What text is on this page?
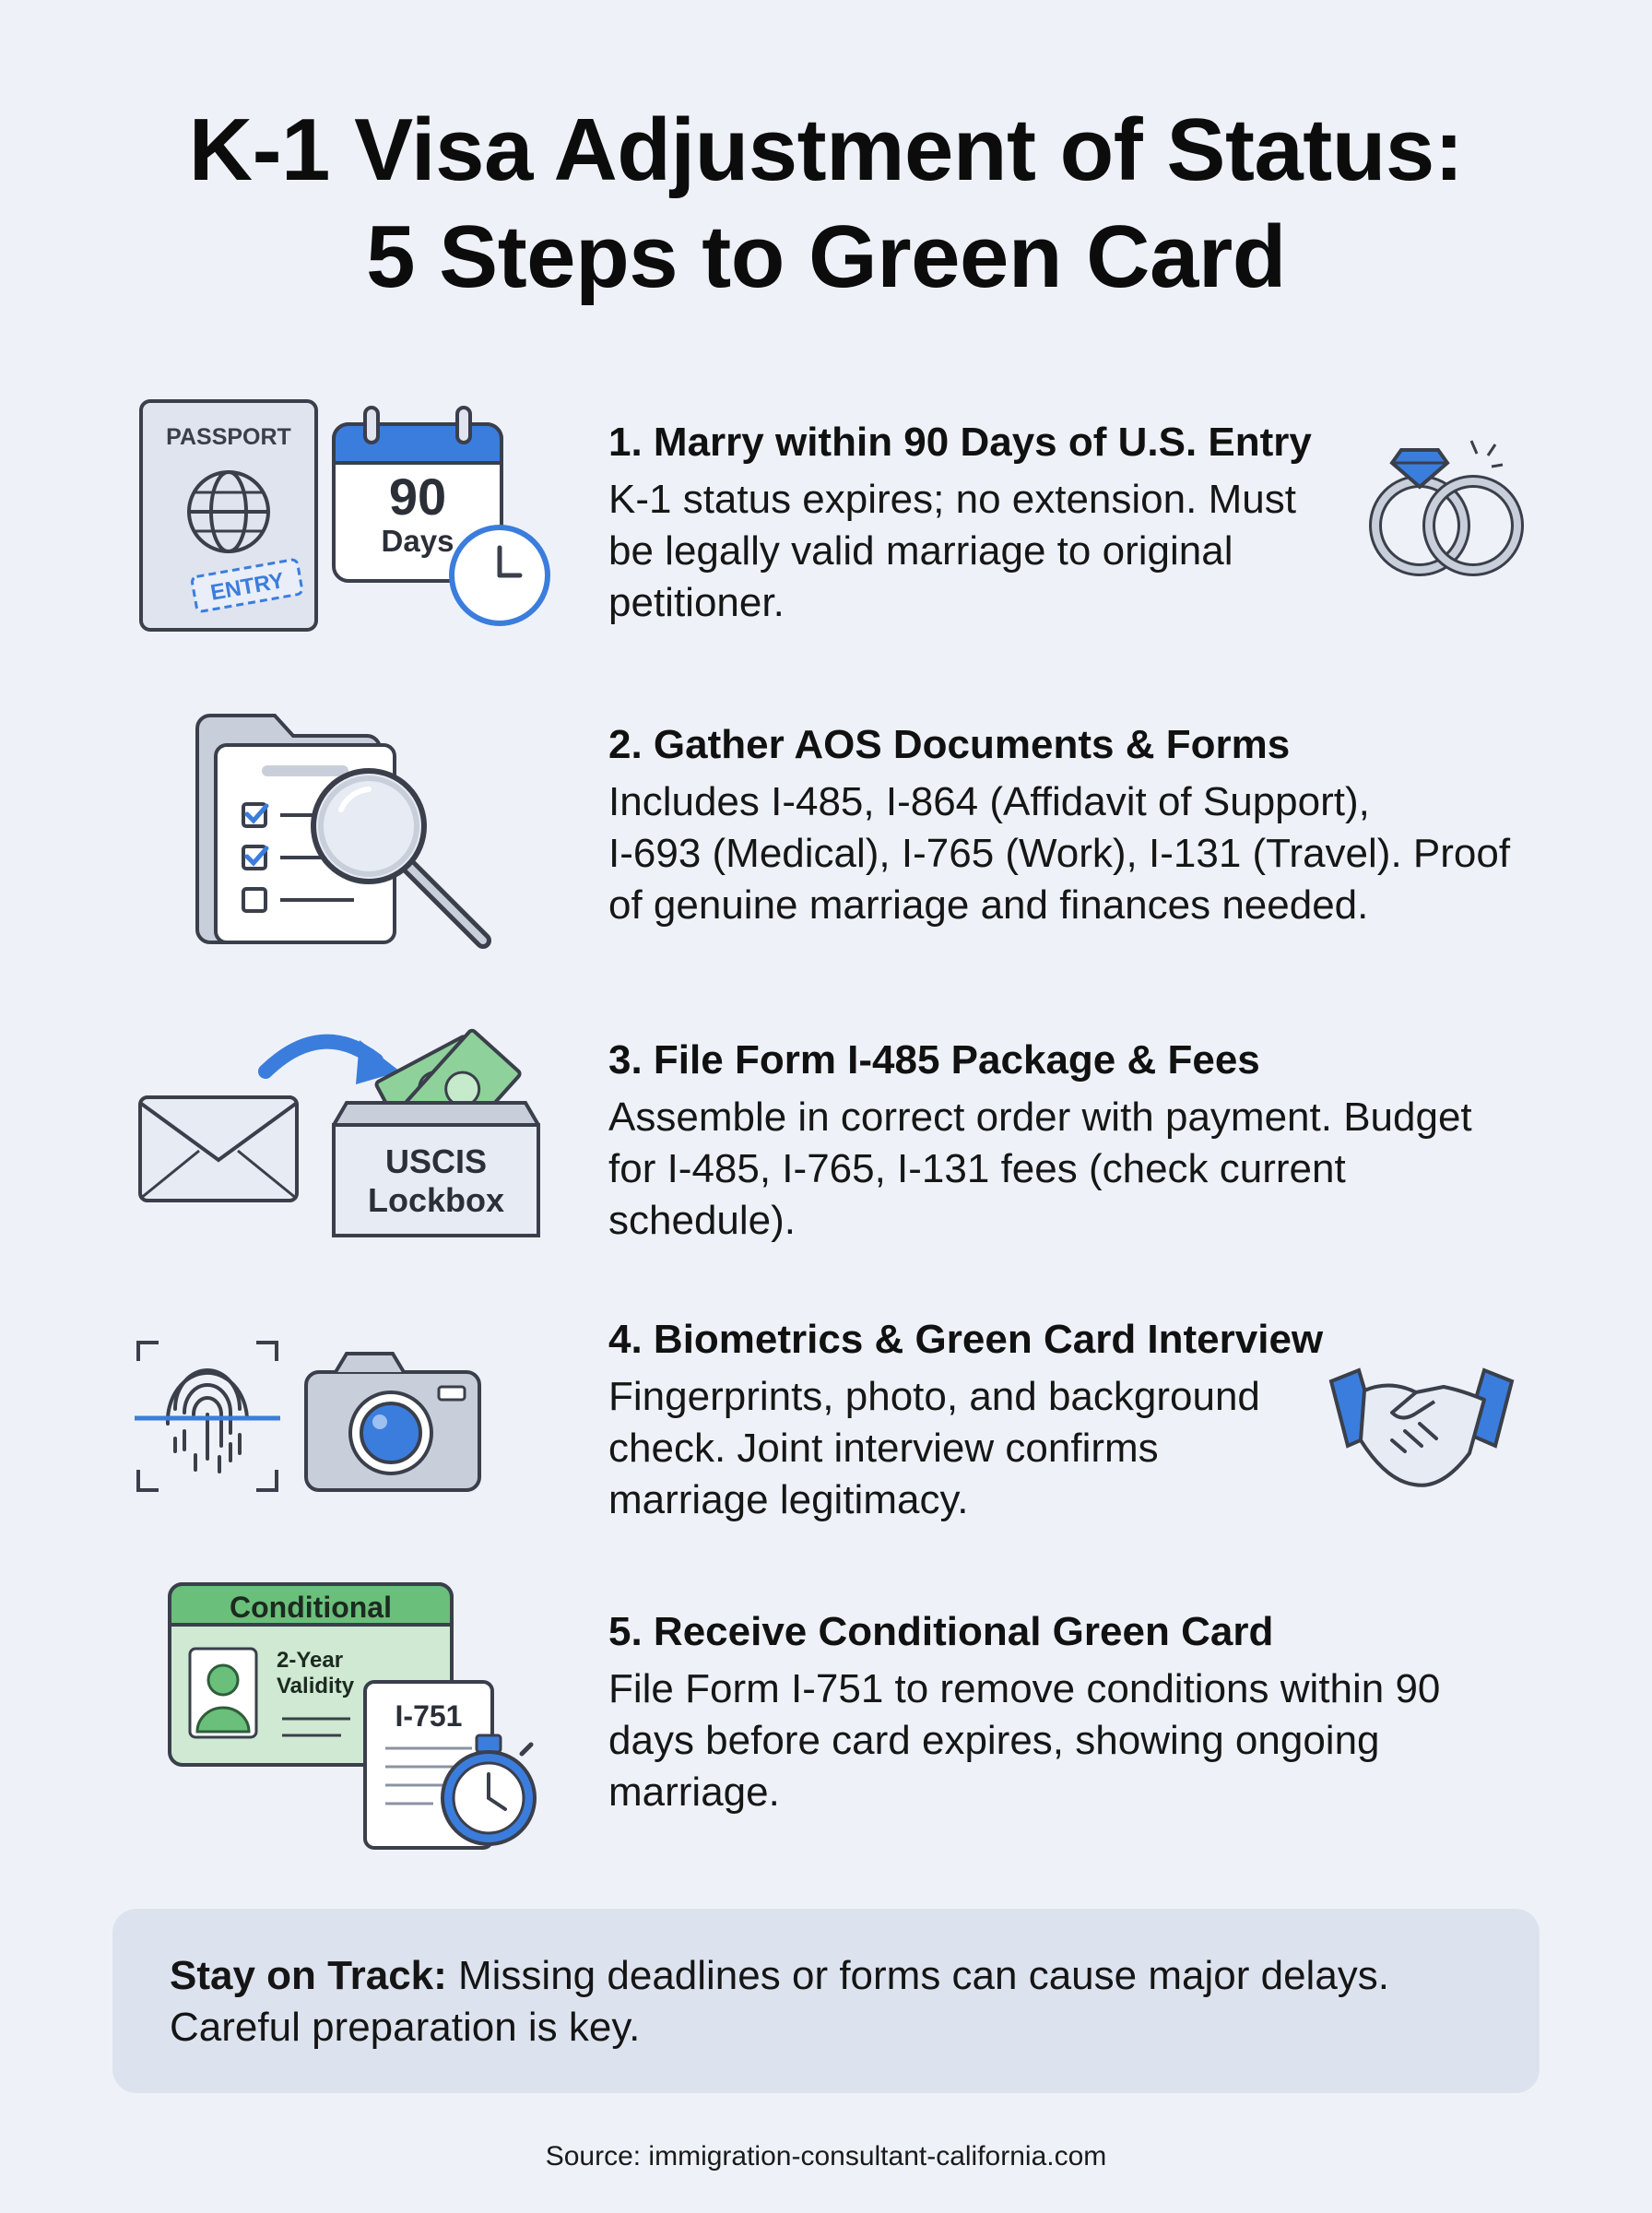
K-1 Visa Adjustment of Status:
5 Steps to Green Card
PASSPORT
ENTRY
90
Days
1. Marry within 90 Days of U.S. Entry
K-1 status expires; no extension. Must
be legally valid marriage to original
petitioner.
2. Gather AOS Documents & Forms
Includes I-485, I-864 (Affidavit of Support),
I-693 (Medical), I-765 (Work), I-131 (Travel). Proof
of genuine marriage and finances needed.
USCIS
Lockbox
3. File Form I-485 Package & Fees
Assemble in correct order with payment. Budget
for I-485, I-765, I-131 fees (check current
schedule).
4. Biometrics & Green Card Interview
Fingerprints, photo, and background
check. Joint interview confirms
marriage legitimacy.
Conditional
2-Year
Validity
I-751
5. Receive Conditional Green Card
File Form I-751 to remove conditions within 90
days before card expires, showing ongoing
marriage.
Stay on Track: Missing deadlines or forms can cause major delays.
Careful preparation is key.
Source: immigration-consultant-california.com
